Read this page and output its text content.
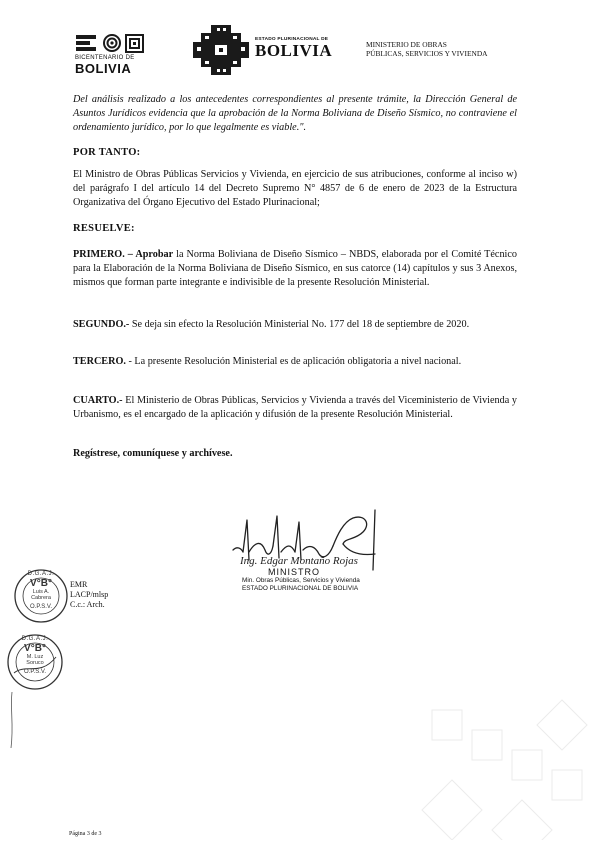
BICENTENARIO DE
BOLIVIA
ESTADO PLURINACIONAL DE
BOLIVIA	MINISTERIO DE OBRAS
PÚBLICAS, SERVICIOS Y VIVIENDA

Del análisis realizado a los antecedentes correspondientes al presente trámite, la Dirección General de Asuntos Jurídicos evidencia que la aprobación de la Norma Boliviana de Diseño Sísmico, no contraviene el ordenamiento jurídico, por lo que legalmente es viable.".

POR TANTO:

El Ministro de Obras Públicas Servicios y Vivienda, en ejercicio de sus atribuciones, conforme al inciso w) del parágrafo I del artículo 14 del Decreto Supremo N° 4857 de 6 de enero de 2023 de la Estructura Organizativa del Órgano Ejecutivo del Estado Plurinacional;

RESUELVE:

PRIMERO. – Aprobar la Norma Boliviana de Diseño Sísmico – NBDS, elaborada por el Comité Técnico para la Elaboración de la Norma Boliviana de Diseño Sísmico, en sus catorce (14) capítulos y sus 3 Anexos, mismos que forman parte integrante e indivisible de la presente Resolución Ministerial.

SEGUNDO.- Se deja sin efecto la Resolución Ministerial No. 177 del 18 de septiembre de 2020.

TERCERO. - La presente Resolución Ministerial es de aplicación obligatoria a nivel nacional.

CUARTO.- El Ministerio de Obras Públicas, Servicios y Vivienda a través del Viceministerio de Vivienda y Urbanismo, es el encargado de la aplicación y difusión de la presente Resolución Ministerial.

Regístrese, comuníquese y archívese.
Ing. Edgar Montaño Rojas
MINISTRO
Min. Obras Públicas, Servicios y Vivienda
ESTADO PLURINACIONAL DE BOLIVIA
D.G.A.J.
V°B°
Luis A.
Cabrera
O.P.S.V.
EMR
LACP/mlsp
C.c.: Arch.
D.G.A.J.
V°B°
M. Luz
Soruco
O.P.S.V.
Página 3 de 3
